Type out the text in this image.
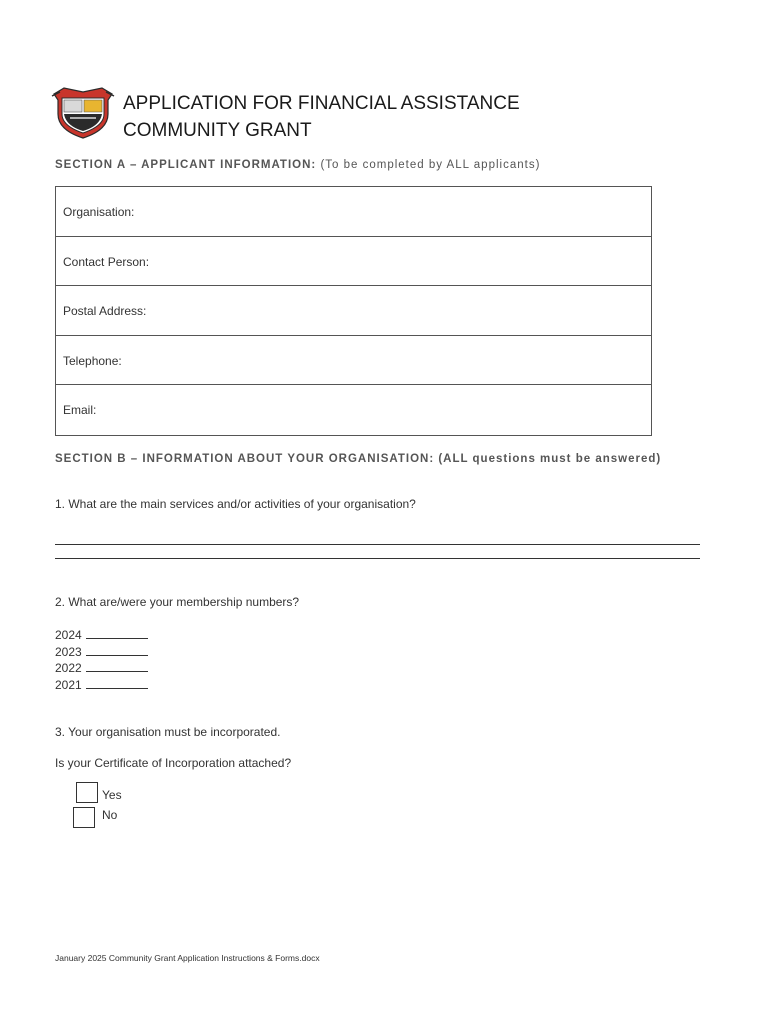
APPLICATION FOR FINANCIAL ASSISTANCE
COMMUNITY GRANT
SECTION A – APPLICANT INFORMATION: (To be completed by ALL applicants)
Organisation:
Contact Person:
Postal Address:
Telephone:
Email:
SECTION B – INFORMATION ABOUT YOUR ORGANISATION: (ALL questions must be answered)
1. What are the main services and/or activities of your organisation?
2. What are/were your membership numbers?
2024
2023
2022
2021
3. Your organisation must be incorporated.
Is your Certificate of Incorporation attached?
Yes
No
January 2025 Community Grant Application Instructions & Forms.docx
